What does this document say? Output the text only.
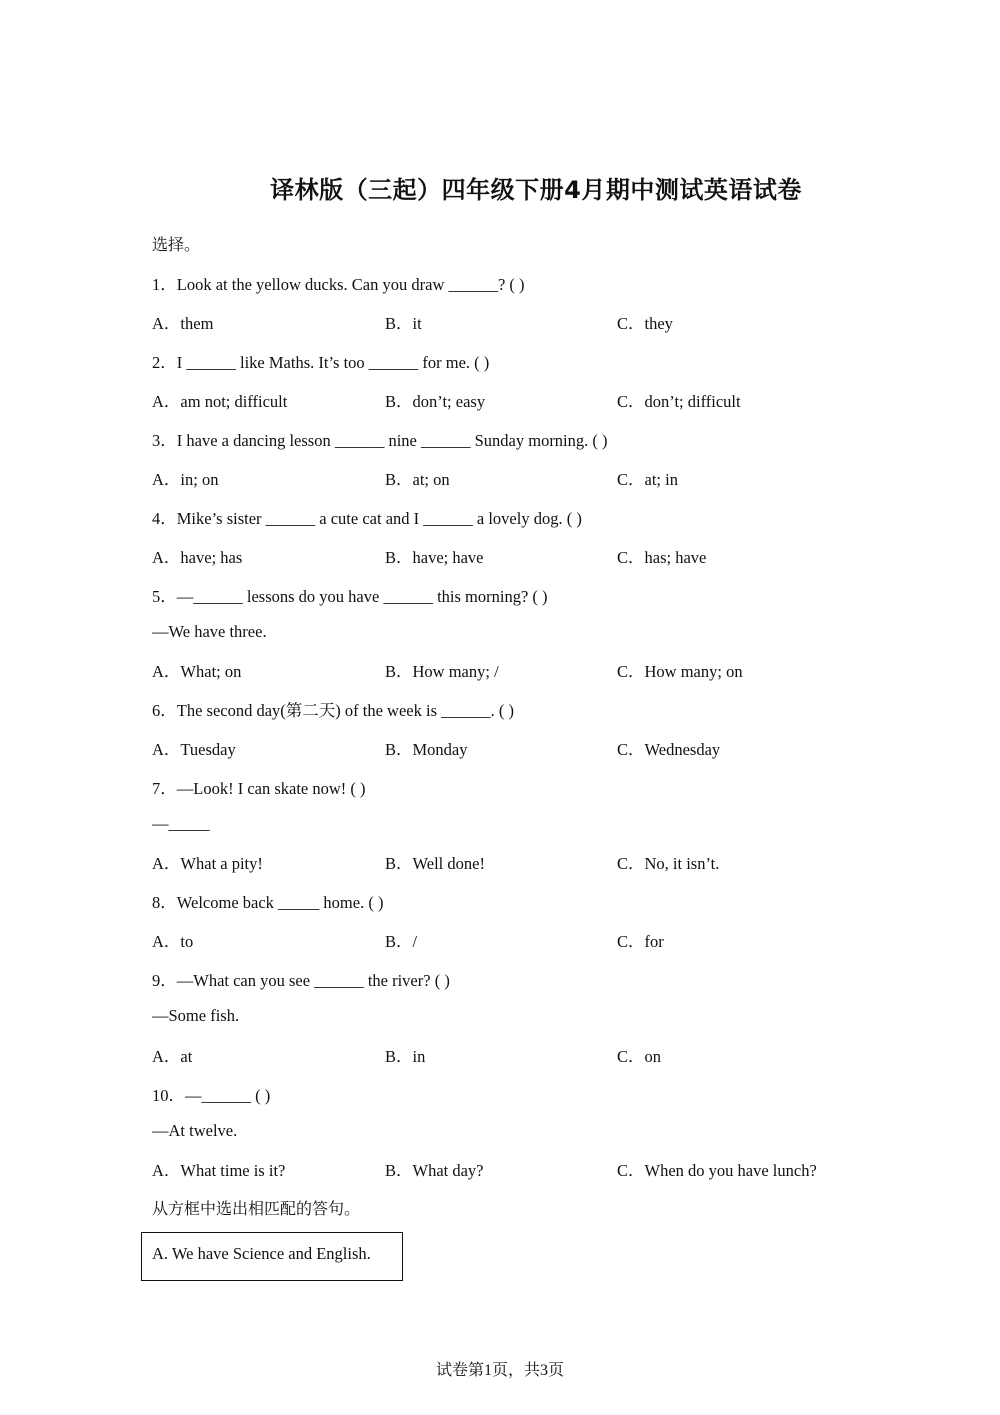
译林版（三起）四年级下册4月期中测试英语试卷
选择。
1．Look at the yellow ducks. Can you draw ______? ( )
A．them	B．it	C．they
2．I ______ like Maths. It’s too ______ for me. ( )
A．am not; difficult	B．don’t; easy	C．don’t; difficult
3．I have a dancing lesson ______ nine ______ Sunday morning. ( )
A．in; on	B．at; on	C．at; in
4．Mike’s sister ______ a cute cat and I ______ a lovely dog. ( )
A．have; has	B．have; have	C．has; have
5．—______ lessons do you have ______ this morning? ( )
—We have three.
A．What; on	B．How many; /	C．How many; on
6．The second day(第二天) of the week is ______. ( )
A．Tuesday	B．Monday	C．Wednesday
7．—Look! I can skate now! ( )
—_____
A．What a pity!	B．Well done!	C．No, it isn’t.
8．Welcome back _____ home. ( )
A．to	B．/	C．for
9．—What can you see ______ the river? ( )
—Some fish.
A．at	B．in	C．on
10．—______ ( )
—At twelve.
A．What time is it?	B．What day?	C．When do you have lunch?
从方框中选出相匹配的答句。
A. We have Science and English.
试卷第1页，共3页
